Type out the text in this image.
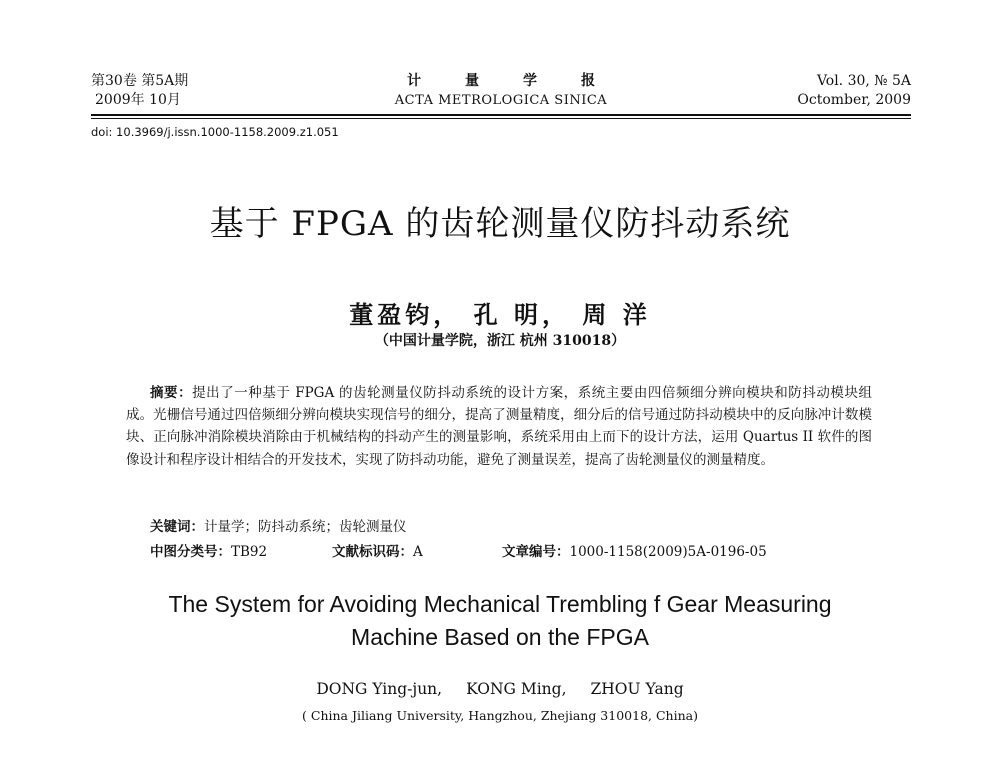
第30卷 第5A期
2009年 10月
计量学报
ACTA METROLOGICA SINICA
Vol. 30, № 5A
Octomber, 2009
doi: 10.3969/j.issn.1000-1158.2009.z1.051
基于 FPGA 的齿轮测量仪防抖动系统
董盈钧， 孔 明， 周 洋
（中国计量学院，浙江 杭州 310018）
摘要：提出了一种基于 FPGA 的齿轮测量仪防抖动系统的设计方案，系统主要由四倍频细分辨向模块和防抖动模块组成。光栅信号通过四倍频细分辨向模块实现信号的细分，提高了测量精度，细分后的信号通过防抖动模块中的反向脉冲计数模块、正向脉冲消除模块消除由于机械结构的抖动产生的测量影响，系统采用由上而下的设计方法，运用 Quartus II 软件的图像设计和程序设计相结合的开发技术，实现了防抖动功能，避免了测量误差，提高了齿轮测量仪的测量精度。
关键词：计量学；防抖动系统；齿轮测量仪
中图分类号：TB92	文献标识码：A	文章编号：1000-1158(2009)5A-0196-05
The System for Avoiding Mechanical Trembling f Gear Measuring
Machine Based on the FPGA
DONG Ying-jun, KONG Ming, ZHOU Yang
( China Jiliang University, Hangzhou, Zhejiang 310018, China)
